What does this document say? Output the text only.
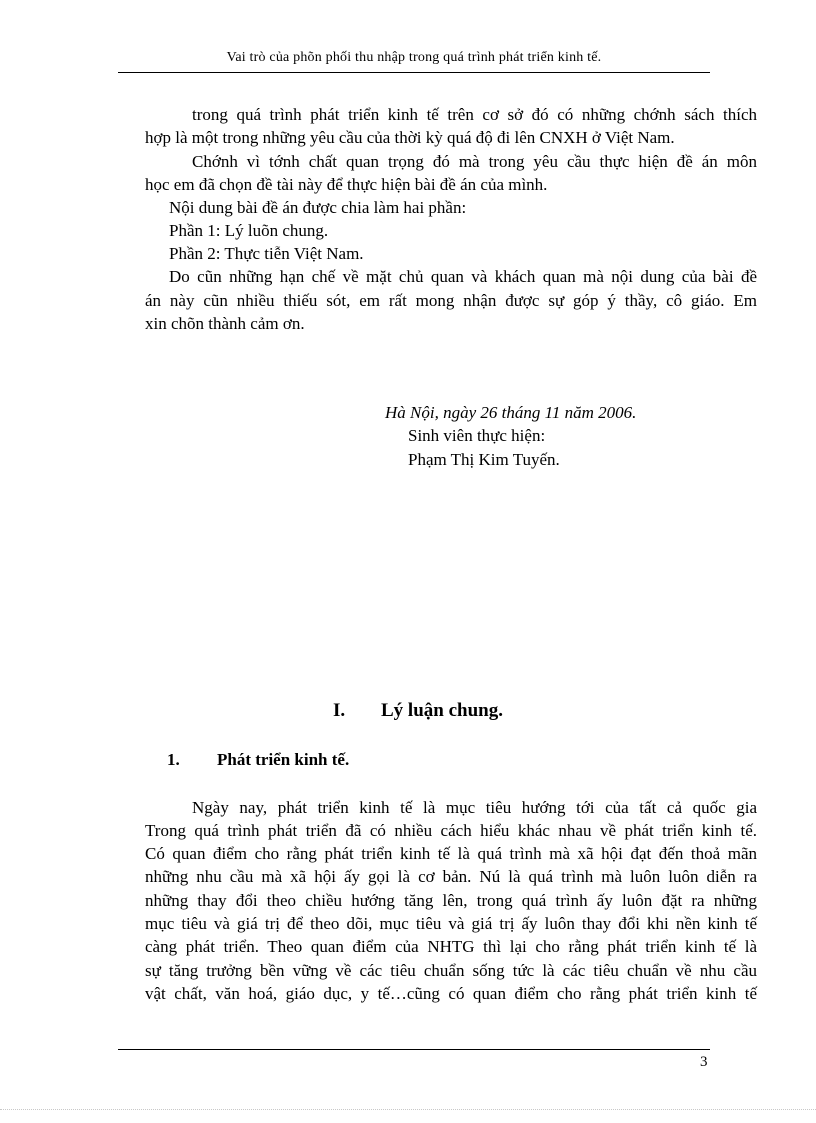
Vai trò của phõn phối thu nhập trong quá trình phát triển kinh tế.
trong quá trình phát triển kinh tế trên cơ sở đó có những chớnh sách thích
hợp là một trong những yêu cầu của thời kỳ quá độ đi lên CNXH ở Việt Nam.
Chớnh vì tớnh chất quan trọng đó mà trong yêu cầu thực hiện đề án môn
học em đã chọn đề tài này để thực hiện bài đề án của mình.
Nội dung bài đề án được chia làm hai phần:
Phần 1: Lý luõn chung.
Phần 2: Thực tiễn Việt Nam.
Do cũn những hạn chế về mặt chủ quan và khách quan mà nội dung của bài đề
án này cũn nhiều thiếu sót, em rất mong nhận được sự góp ý thầy, cô giáo. Em
xin chõn thành cảm ơn.
Hà Nội, ngày 26 tháng 11 năm 2006.
Sinh viên thực hiện:
Phạm Thị Kim Tuyến.
I. Lý luận chung.
1. Phát triển kinh tế.
Ngày nay, phát triển kinh tế là mục tiêu hướng tới của tất cả quốc gia
Trong quá trình phát triển đã có nhiều cách hiểu khác nhau về phát triển kinh tế.
Có quan điểm cho rằng phát triển kinh tế là quá trình mà xã hội đạt đến thoả mãn
những nhu cầu mà xã hội ấy gọi là cơ bản. Nú là quá trình mà luôn luôn diễn ra
những thay đổi theo chiều hướng tăng lên, trong quá trình ấy luôn đặt ra những
mục tiêu và giá trị để theo dõi, mục tiêu và giá trị ấy luôn thay đổi khi nền kinh tế
càng phát triển. Theo quan điểm của NHTG thì lại cho rằng phát triển kinh tế là
sự tăng trưởng bền vững về các tiêu chuẩn sống tức là các tiêu chuẩn về nhu cầu
vật chất, văn hoá, giáo dục, y tế…cũng có quan điểm cho rằng phát triển kinh tế
3
